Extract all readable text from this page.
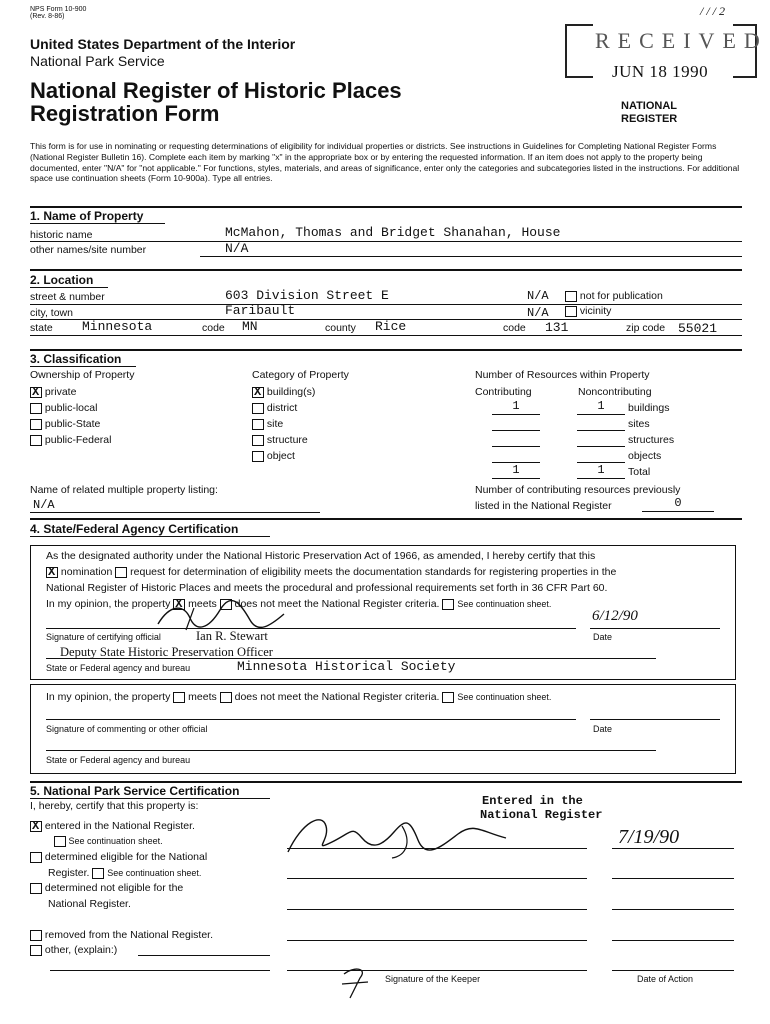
NPS Form 10-900
(Rev. 8-86)
United States Department of the Interior
National Park Service
National Register of Historic Places
Registration Form
RECEIVED
/ / / 2
JUN 18 1990
NATIONAL
REGISTER
This form is for use in nominating or requesting determinations of eligibility for individual properties or districts. See instructions in Guidelines for Completing National Register Forms (National Register Bulletin 16). Complete each item by marking "x" in the appropriate box or by entering the requested information. If an item does not apply to the property being documented, enter "N/A" for "not applicable." For functions, styles, materials, and areas of significance, enter only the categories and subcategories listed in the instructions. For additional space use continuation sheets (Form 10-900a). Type all entries.
1. Name of Property
historic name	McMahon, Thomas and Bridget Shanahan, House
other names/site number	N/A
2. Location
street & number	603 Division Street E	N/A	not for publication
city, town	Faribault	N/A	vicinity
state Minnesota	code MN	county Rice	code 131	zip code 55021
3. Classification
Ownership of Property
X private
public-local
public-State
public-Federal
Category of Property
X building(s)
district
site
structure
object
Number of Resources within Property
Contributing	Noncontributing
1	1	buildings
sites
structures
objects
1	1	Total
Name of related multiple property listing:
N/A
Number of contributing resources previously
listed in the National Register	0
4. State/Federal Agency Certification
As the designated authority under the National Historic Preservation Act of 1966, as amended, I hereby certify that this
X nomination request for determination of eligibility meets the documentation standards for registering properties in the
National Register of Historic Places and meets the procedural and professional requirements set forth in 36 CFR Part 60.
In my opinion, the property X meets does not meet the National Register criteria. See continuation sheet.
6/12/90
Signature of certifying official	Ian R. Stewart	Date
Deputy State Historic Preservation Officer
State or Federal agency and bureau	Minnesota Historical Society
In my opinion, the property meets does not meet the National Register criteria. See continuation sheet.
Signature of commenting or other official	Date
State or Federal agency and bureau
5. National Park Service Certification
I, hereby, certify that this property is:
X entered in the National Register.
See continuation sheet.
determined eligible for the National
Register. See continuation sheet.
determined not eligible for the
National Register.
removed from the National Register.
other, (explain:)
Entered in the
National Register
7/19/90
Signature of the Keeper	Date of Action
